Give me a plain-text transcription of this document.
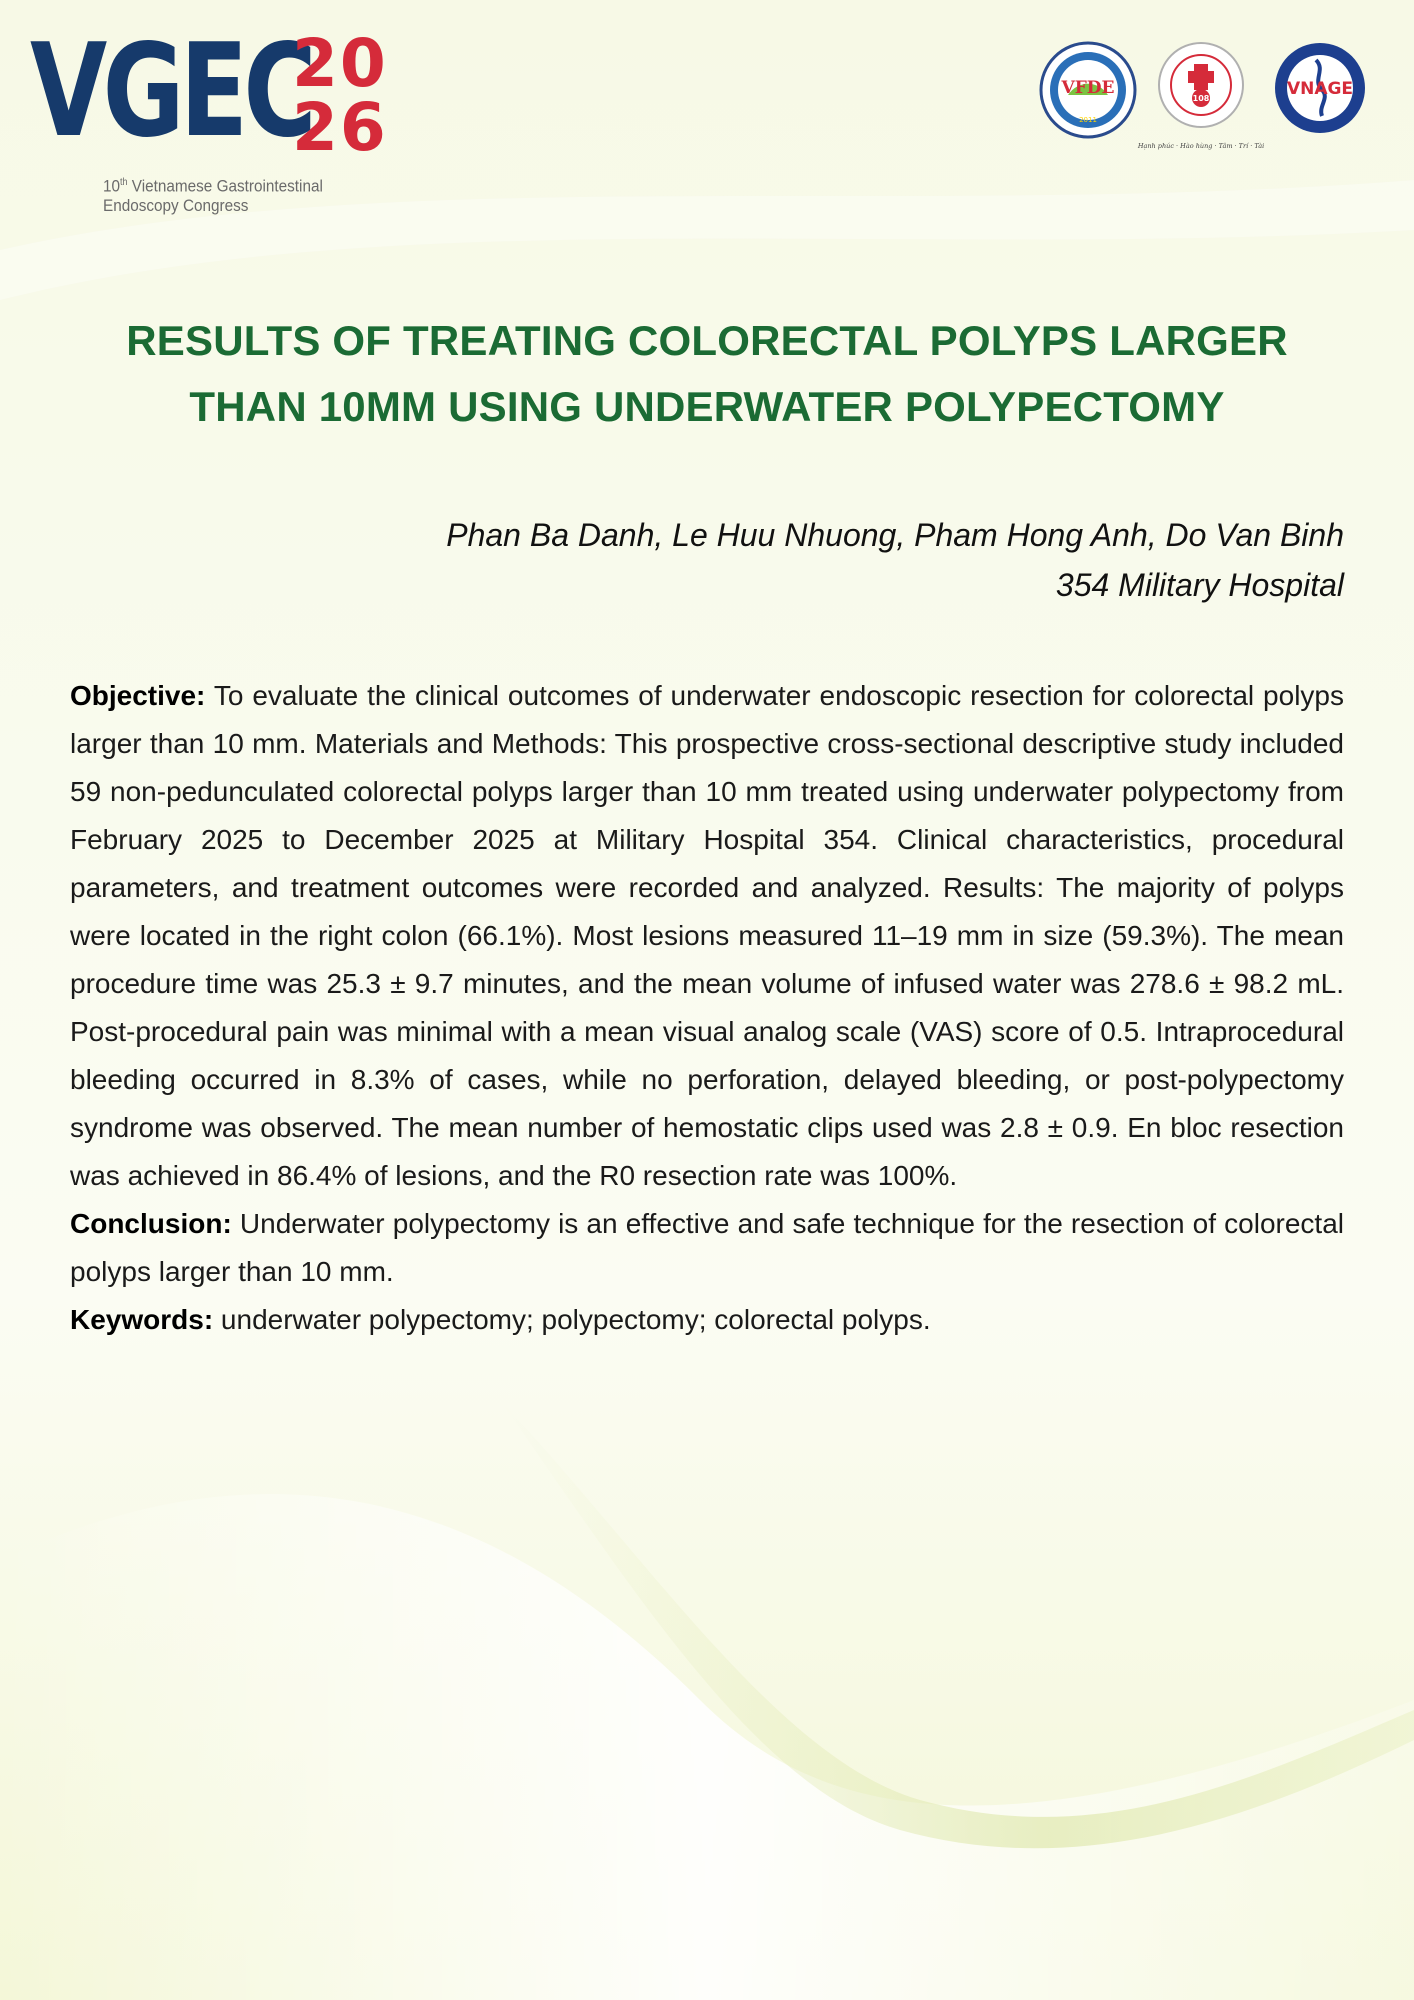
VGEC
20
26
10th Vietnamese Gastrointestinal
Endoscopy Congress
VFDE
2011
108
Hạnh phúc · Hào hùng · Tâm · Trí · Tài
VNAGE
RESULTS OF TREATING COLORECTAL POLYPS LARGER
THAN 10MM USING UNDERWATER POLYPECTOMY
Phan Ba Danh, Le Huu Nhuong, Pham Hong Anh, Do Van Binh
354 Military Hospital

Objective: To evaluate the clinical outcomes of underwater endoscopic resection for colorectal polyps larger than 10 mm. Materials and Methods: This prospective cross-sectional descriptive study included 59 non-pedunculated colorectal polyps larger than 10 mm treated using underwater polypectomy from February 2025 to December 2025 at Military Hospital 354. Clinical characteristics, procedural parameters, and treatment outcomes were recorded and analyzed. Results: The majority of polyps were located in the right colon (66.1%). Most lesions measured 11–19 mm in size (59.3%). The mean procedure time was 25.3 ± 9.7 minutes, and the mean volume of infused water was 278.6 ± 98.2 mL. Post-procedural pain was minimal with a mean visual analog scale (VAS) score of 0.5. Intraprocedural bleeding occurred in 8.3% of cases, while no perforation, delayed bleeding, or post-polypectomy syndrome was observed. The mean number of hemostatic clips used was 2.8 ± 0.9. En bloc resection was achieved in 86.4% of lesions, and the R0 resection rate was 100%.

Conclusion: Underwater polypectomy is an effective and safe technique for the resection of colorectal polyps larger than 10 mm.

Keywords: underwater polypectomy; polypectomy; colorectal polyps.
